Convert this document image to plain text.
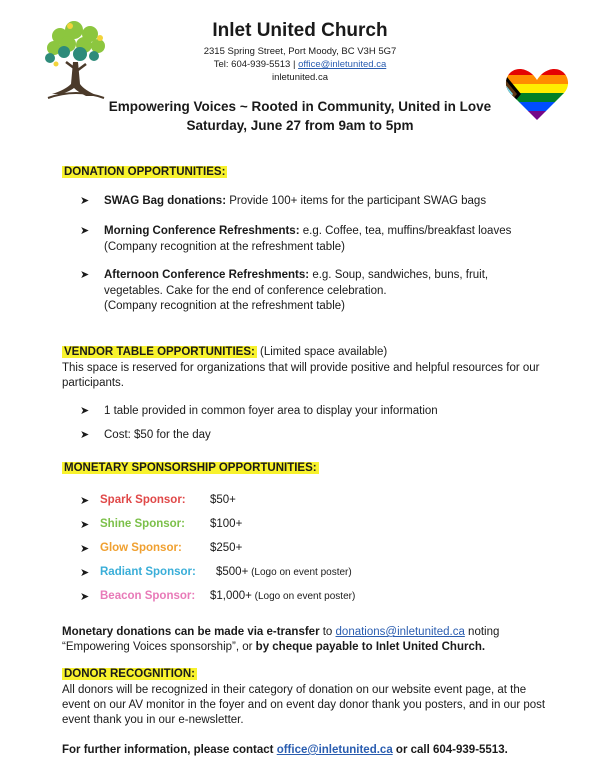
Inlet United Church
2315 Spring Street, Port Moody, BC V3H 5G7
Tel: 604-939-5513 | office@inletunited.ca
inletunited.ca
Empowering Voices ~ Rooted in Community, United in Love
Saturday, June 27 from 9am to 5pm
DONATION OPPORTUNITIES:
➤ SWAG Bag donations: Provide 100+ items for the participant SWAG bags
➤ Morning Conference Refreshments: e.g. Coffee, tea, muffins/breakfast loaves
(Company recognition at the refreshment table)
➤ Afternoon Conference Refreshments: e.g. Soup, sandwiches, buns, fruit, vegetables. Cake for the end of conference celebration.
(Company recognition at the refreshment table)
VENDOR TABLE OPPORTUNITIES: (Limited space available)
This space is reserved for organizations that will provide positive and helpful resources for our participants.
➤ 1 table provided in common foyer area to display your information
➤ Cost: $50 for the day
MONETARY SPONSORSHIP OPPORTUNITIES:
➤ Spark Sponsor: $50+
➤ Shine Sponsor: $100+
➤ Glow Sponsor: $250+
➤ Radiant Sponsor: $500+ (Logo on event poster)
➤ Beacon Sponsor: $1,000+ (Logo on event poster)
Monetary donations can be made via e-transfer to donations@inletunited.ca noting
“Empowering Voices sponsorship”, or by cheque payable to Inlet United Church.
DONOR RECOGNITION:
All donors will be recognized in their category of donation on our website event page, at the event on our AV monitor in the foyer and on event day donor thank you posters, and in our post event thank you in our e-newsletter.
For further information, please contact office@inletunited.ca or call 604-939-5513.
